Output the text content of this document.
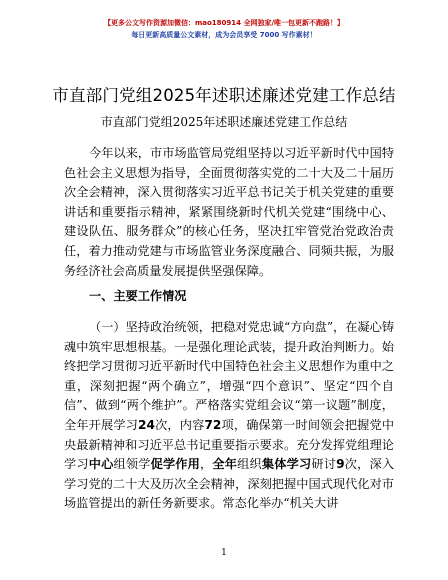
【更多公文写作资源加微信：mao180914 全网独家/唯一包更新不跑路！】
每日更新高质量公文素材，成为会员享受 7000 写作素材！
市直部门党组2025年述职述廉述党建工作总结
市直部门党组2025年述职述廉述党建工作总结

今年以来，市市场监管局党组坚持以习近平新时代中国特色社会主义思想为指导，全面贯彻落实党的二十大及二十届历次全会精神，深入贯彻落实习近平总书记关于机关党建的重要讲话和重要指示精神，紧紧围绕新时代机关党建“围绕中心、建设队伍、服务群众”的核心任务，坚决扛牢管党治党政治责任，着力推动党建与市场监管业务深度融合、同频共振，为服务经济社会高质量发展提供坚强保障。

一、主要工作情况

（一）坚持政治统领，把稳对党忠诚“方向盘”，在凝心铸魂中筑牢思想根基。一是强化理论武装，提升政治判断力。始终把学习贯彻习近平新时代中国特色社会主义思想作为重中之重，深刻把握“两个确立”，增强“四个意识”、坚定“四个自信”、做到“两个维护”。严格落实党组会议“第一议题”制度，全年开展学习24次，内容72项，确保第一时间领会把握党中央最新精神和习近平总书记重要指示要求。充分发挥党组理论学习中心组领学促学作用，全年组织集体学习研讨9次，深入学习党的二十大及历次全会精神，深刻把握中国式现代化对市场监管提出的新任务新要求。常态化举办“机关大讲

1
